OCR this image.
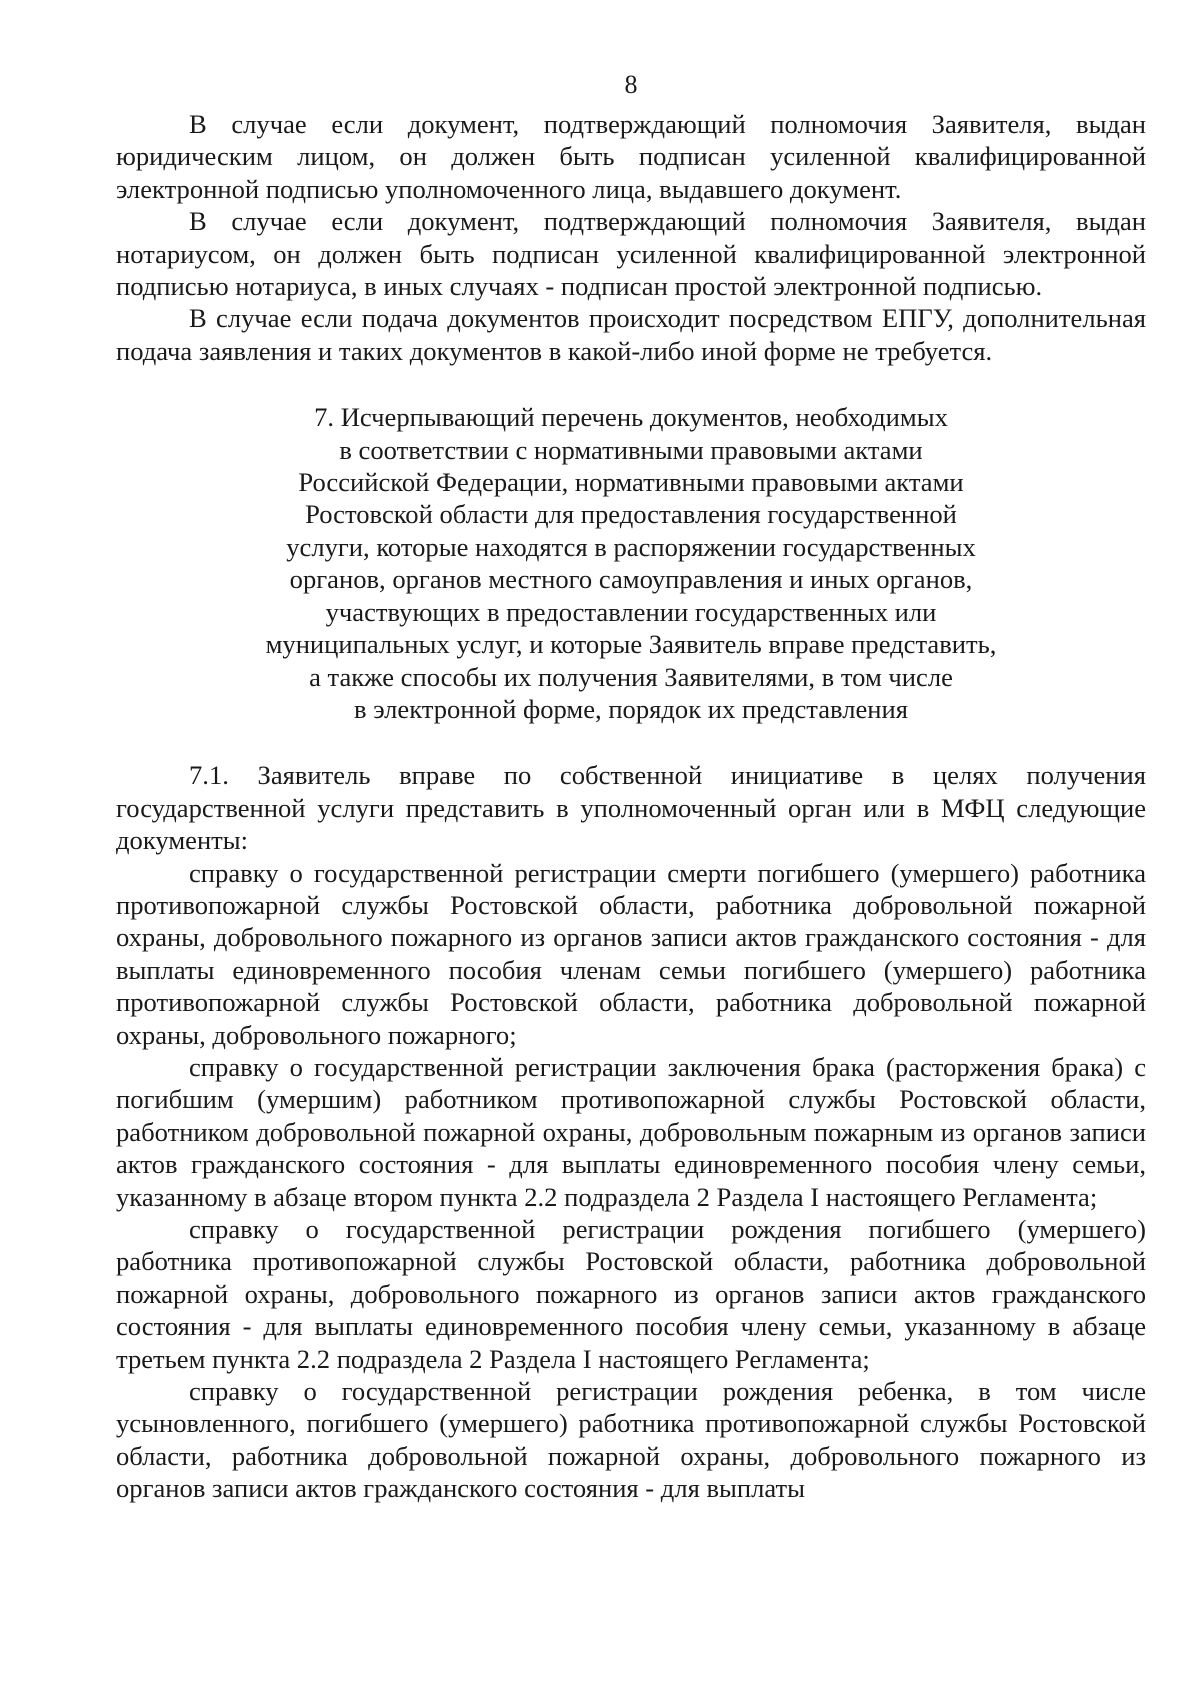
8

В случае если документ, подтверждающий полномочия Заявителя, выдан юридическим лицом, он должен быть подписан усиленной квалифицированной электронной подписью уполномоченного лица, выдавшего документ.

В случае если документ, подтверждающий полномочия Заявителя, выдан нотариусом, он должен быть подписан усиленной квалифицированной электронной подписью нотариуса, в иных случаях - подписан простой электронной подписью.

В случае если подача документов происходит посредством ЕПГУ, дополнительная подача заявления и таких документов в какой-либо иной форме не требуется.

7. Исчерпывающий перечень документов, необходимых
в соответствии с нормативными правовыми актами
Российской Федерации, нормативными правовыми актами
Ростовской области для предоставления государственной
услуги, которые находятся в распоряжении государственных
органов, органов местного самоуправления и иных органов,
участвующих в предоставлении государственных или
муниципальных услуг, и которые Заявитель вправе представить,
а также способы их получения Заявителями, в том числе
в электронной форме, порядок их представления

7.1. Заявитель вправе по собственной инициативе в целях получения государственной услуги представить в уполномоченный орган или в МФЦ следующие документы:

справку о государственной регистрации смерти погибшего (умершего) работника противопожарной службы Ростовской области, работника добровольной пожарной охраны, добровольного пожарного из органов записи актов гражданского состояния - для выплаты единовременного пособия членам семьи погибшего (умершего) работника противопожарной службы Ростовской области, работника добровольной пожарной охраны, добровольного пожарного;

справку о государственной регистрации заключения брака (расторжения брака) с погибшим (умершим) работником противопожарной службы Ростовской области, работником добровольной пожарной охраны, добровольным пожарным из органов записи актов гражданского состояния - для выплаты единовременного пособия члену семьи, указанному в абзаце втором пункта 2.2 подраздела 2 Раздела I настоящего Регламента;

справку о государственной регистрации рождения погибшего (умершего) работника противопожарной службы Ростовской области, работника добровольной пожарной охраны, добровольного пожарного из органов записи актов гражданского состояния - для выплаты единовременного пособия члену семьи, указанному в абзаце третьем пункта 2.2 подраздела 2 Раздела I настоящего Регламента;

справку о государственной регистрации рождения ребенка, в том числе усыновленного, погибшего (умершего) работника противопожарной службы Ростовской области, работника добровольной пожарной охраны, добровольного пожарного из органов записи актов гражданского состояния - для выплаты
